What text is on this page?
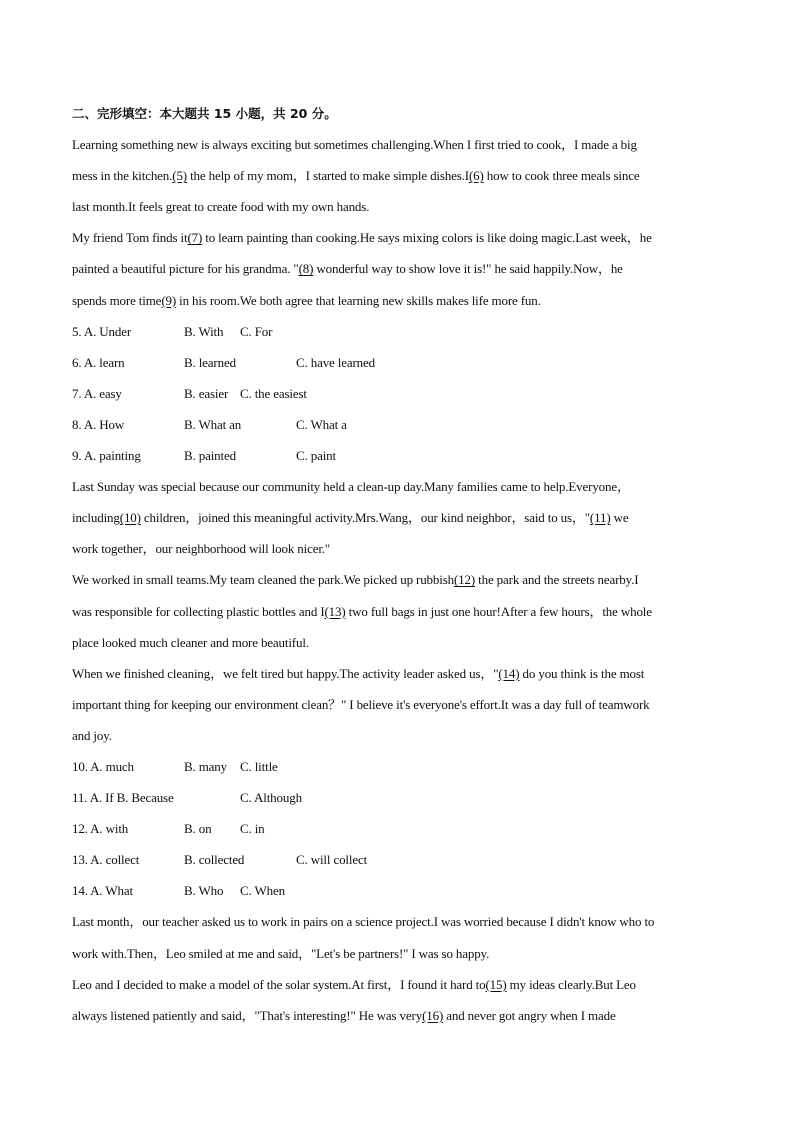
二、完形填空：本大题共 15 小题，共 20 分。
Learning something new is always exciting but sometimes challenging.When I first tried to cook，I made a big
mess in the kitchen.(5) the help of my mom，I started to make simple dishes.I(6) how to cook three meals since
last month.It feels great to create food with my own hands.
My friend Tom finds it(7) to learn painting than cooking.He says mixing colors is like doing magic.Last week，he
painted a beautiful picture for his grandma. "(8) wonderful way to show love it is!" he said happily.Now，he
spends more time(9) in his room.We both agree that learning new skills makes life more fun.
5. A. Under	B. With C. For
6. A. learn	B. learned	C. have learned
7. A. easy	B. easier C. the easiest
8. A. How	B. What an	C. What a
9. A. painting	B. painted	C. paint
Last Sunday was special because our community held a clean-up day.Many families came to help.Everyone，
including(10) children，joined this meaningful activity.Mrs.Wang，our kind neighbor，said to us，"(11) we
work together，our neighborhood will look nicer."
We worked in small teams.My team cleaned the park.We picked up rubbish(12) the park and the streets nearby.I
was responsible for collecting plastic bottles and I(13) two full bags in just one hour!After a few hours，the whole
place looked much cleaner and more beautiful.
When we finished cleaning，we felt tired but happy.The activity leader asked us，"(14) do you think is the most
important thing for keeping our environment clean？" I believe it's everyone's effort.It was a day full of teamwork
and joy.
10. A. much	B. many C. little
11. A. If B. Because	C. Although
12. A. with	B. on C. in
13. A. collect	B. collected	C. will collect
14. A. What	B. Who C. When
Last month，our teacher asked us to work in pairs on a science project.I was worried because I didn't know who to
work with.Then，Leo smiled at me and said，"Let's be partners!" I was so happy.
Leo and I decided to make a model of the solar system.At first，I found it hard to(15) my ideas clearly.But Leo
always listened patiently and said，"That's interesting!" He was very(16) and never got angry when I made
